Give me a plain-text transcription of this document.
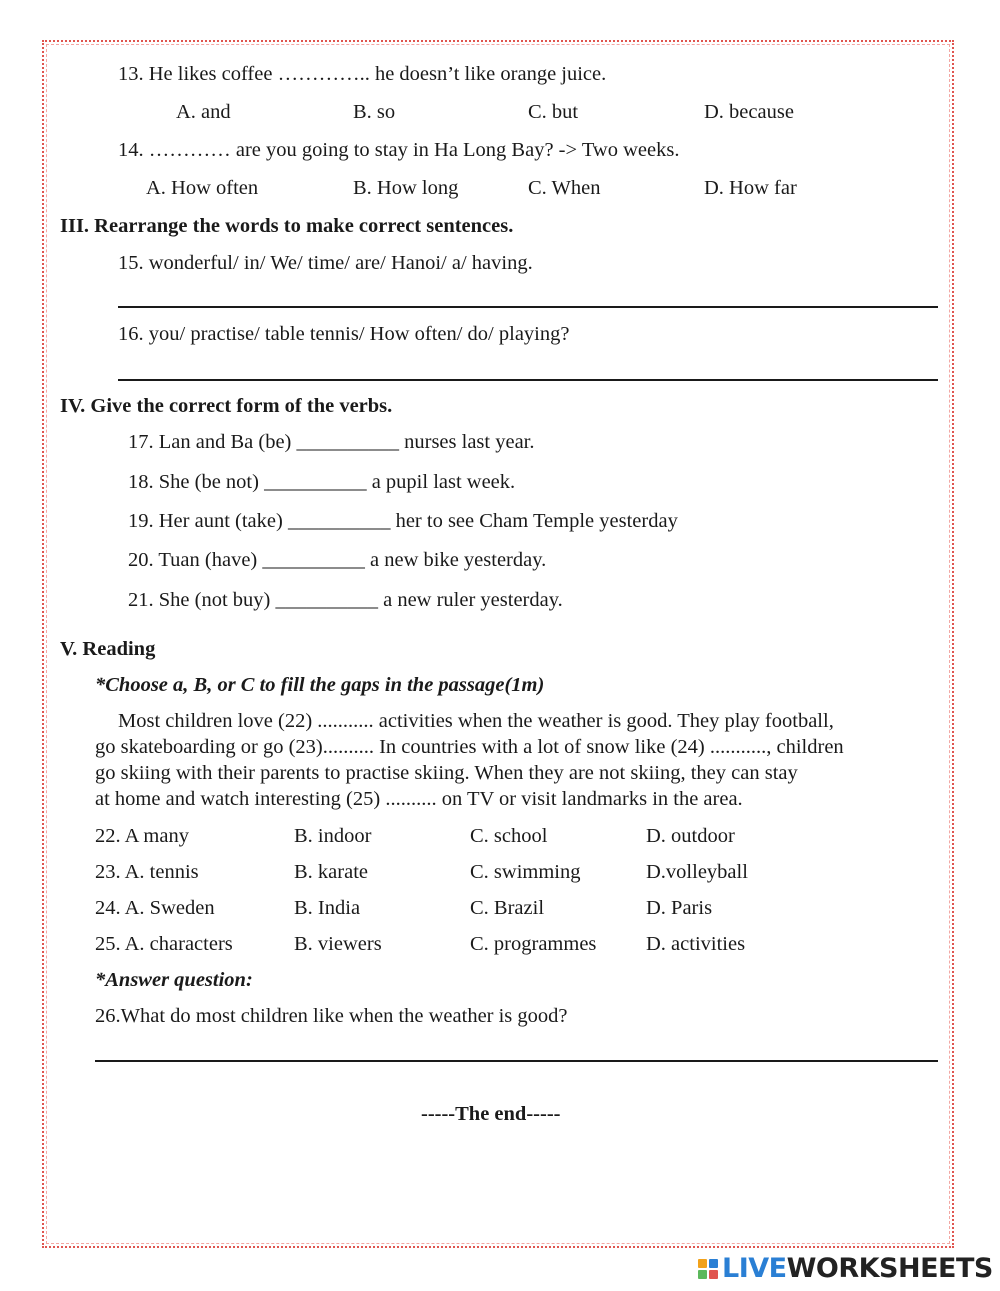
13. He likes coffee ………….. he doesn’t like orange juice.
A. and	B. so	C. but	D. because
14. ………… are you going to stay in Ha Long Bay? -> Two weeks.
A. How often	B. How long	C. When	D. How far
III. Rearrange the words to make correct sentences.
15. wonderful/ in/ We/ time/ are/ Hanoi/ a/ having.
16. you/ practise/ table tennis/ How often/ do/ playing?
IV. Give the correct form of the verbs.
17. Lan and Ba (be) __________ nurses last year.
18. She (be not) __________ a pupil last week.
19. Her aunt (take) __________ her to see Cham Temple yesterday
20. Tuan (have) __________ a new bike yesterday.
21. She (not buy) __________ a new ruler yesterday.
V. Reading
*Choose a, B, or C to fill the gaps in the passage(1m)
Most children love (22) ........... activities when the weather is good. They play football,
go skateboarding or go (23).......... In countries with a lot of snow like (24) ..........., children
go skiing with their parents to practise skiing. When they are not skiing, they can stay
at home and watch interesting (25) .......... on TV or visit landmarks in the area.
22. A many	B. indoor	C. school	D. outdoor
23. A. tennis	B. karate	C. swimming	D.volleyball
24. A. Sweden	B. India	C. Brazil	D. Paris
25. A. characters	B. viewers	C. programmes D. activities
*Answer question:
26.What do most children like when the weather is good?
-----The end-----
LIVEWORKSHEETS
